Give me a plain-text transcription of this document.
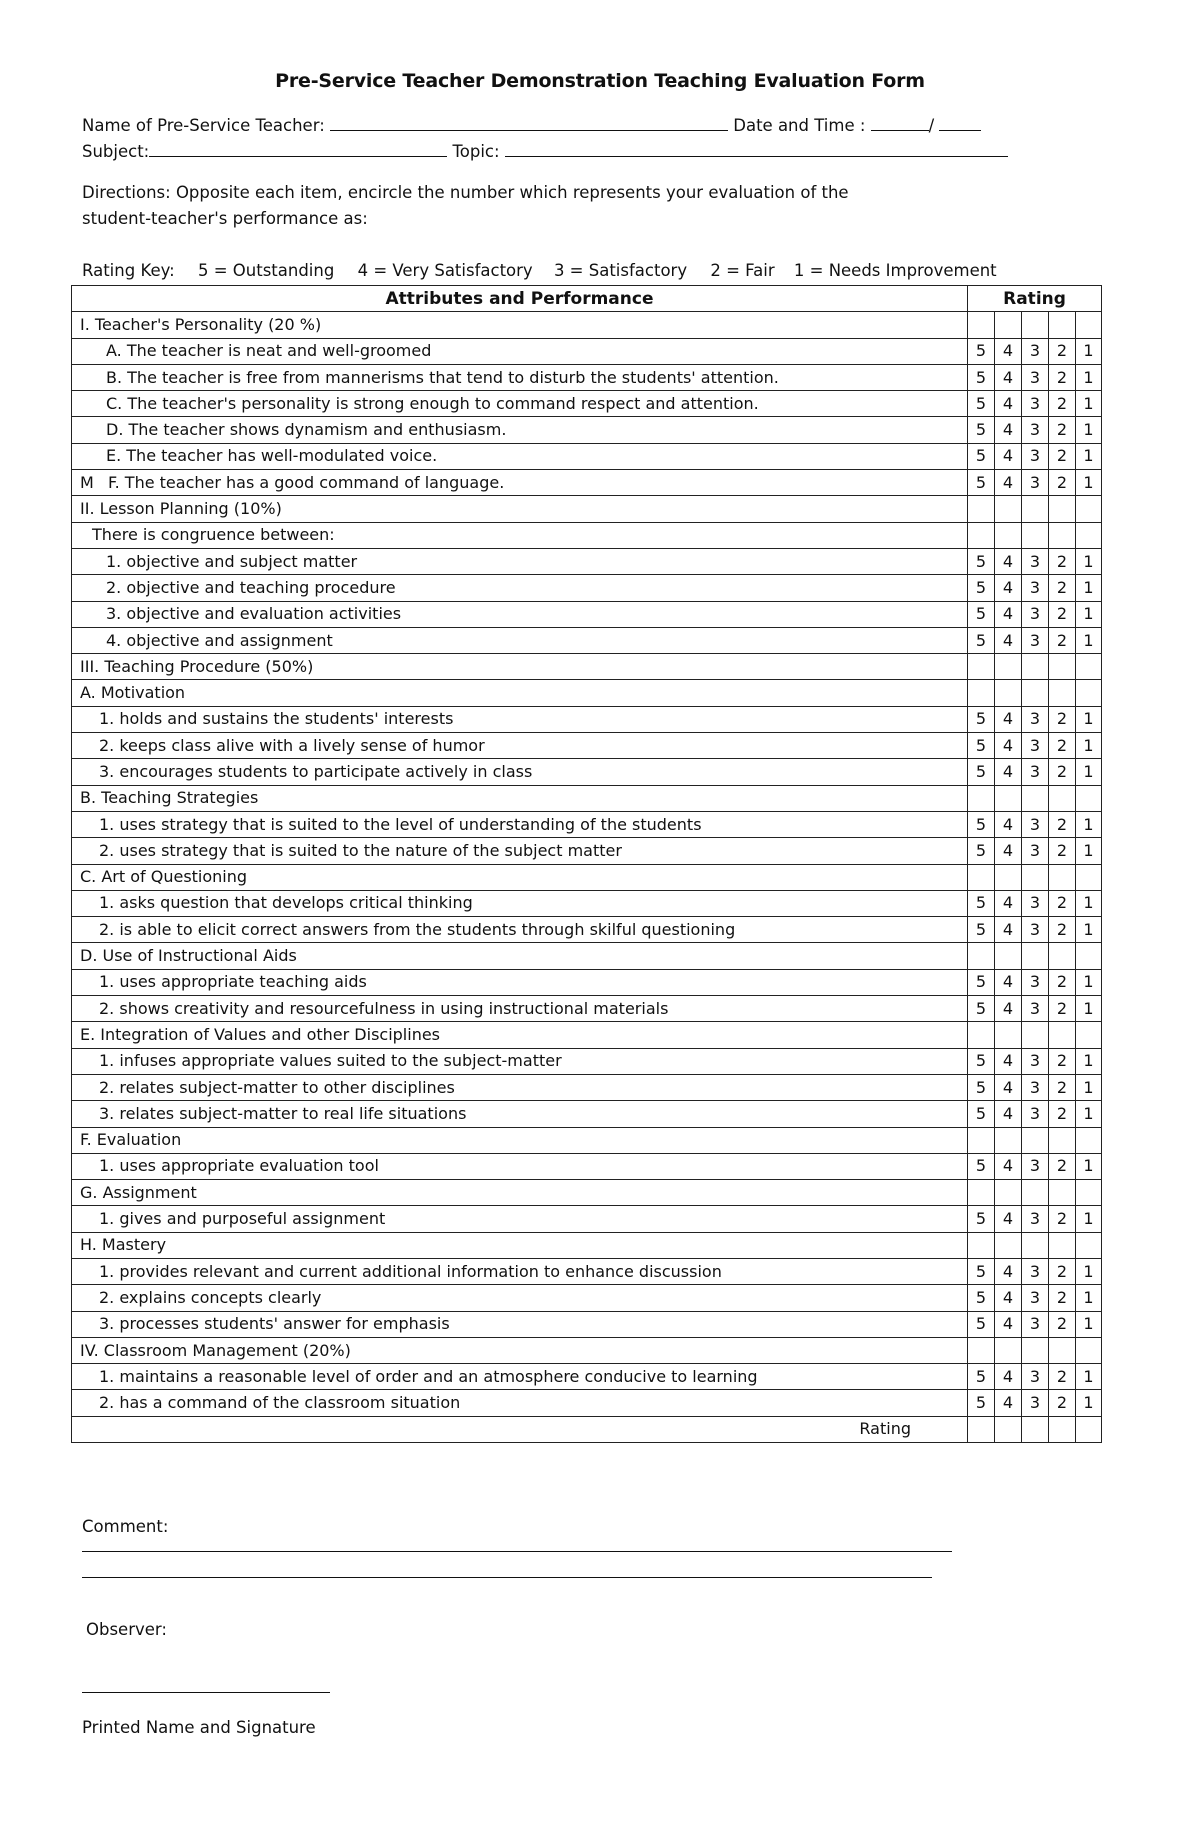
Pre-Service Teacher Demonstration Teaching Evaluation Form
Name of Pre-Service Teacher:	Date and Time :	/
Subject:	Topic:
Directions: Opposite each item, encircle the number which represents your evaluation of the
student-teacher's performance as:
Rating Key: 5 = Outstanding 4 = Very Satisfactory 3 = Satisfactory 2 = Fair 1 = Needs Improvement
Attributes and Performance	Rating				
I. Teacher's Personality (20 %)					
A. The teacher is neat and well-groomed	5	4	3	2	1
B. The teacher is free from mannerisms that tend to disturb the students' attention.	5	4	3	2	1
C. The teacher's personality is strong enough to command respect and attention.	5	4	3	2	1
D. The teacher shows dynamism and enthusiasm.	5	4	3	2	1
E. The teacher has well-modulated voice.	5	4	3	2	1
M F. The teacher has a good command of language.	5	4	3	2	1
II. Lesson Planning (10%)					
There is congruence between:					
1. objective and subject matter	5	4	3	2	1
2. objective and teaching procedure	5	4	3	2	1
3. objective and evaluation activities	5	4	3	2	1
4. objective and assignment	5	4	3	2	1
III. Teaching Procedure (50%)					
A. Motivation					
1. holds and sustains the students' interests	5	4	3	2	1
2. keeps class alive with a lively sense of humor	5	4	3	2	1
3. encourages students to participate actively in class	5	4	3	2	1
B. Teaching Strategies					
1. uses strategy that is suited to the level of understanding of the students	5	4	3	2	1
2. uses strategy that is suited to the nature of the subject matter	5	4	3	2	1
C. Art of Questioning					
1. asks question that develops critical thinking	5	4	3	2	1
2. is able to elicit correct answers from the students through skilful questioning	5	4	3	2	1
D. Use of Instructional Aids					
1. uses appropriate teaching aids	5	4	3	2	1
2. shows creativity and resourcefulness in using instructional materials	5	4	3	2	1
E. Integration of Values and other Disciplines					
1. infuses appropriate values suited to the subject-matter	5	4	3	2	1
2. relates subject-matter to other disciplines	5	4	3	2	1
3. relates subject-matter to real life situations	5	4	3	2	1
F. Evaluation					
1. uses appropriate evaluation tool	5	4	3	2	1
G. Assignment					
1. gives and purposeful assignment	5	4	3	2	1
H. Mastery					
1. provides relevant and current additional information to enhance discussion	5	4	3	2	1
2. explains concepts clearly	5	4	3	2	1
3. processes students' answer for emphasis	5	4	3	2	1
IV. Classroom Management (20%)					
1. maintains a reasonable level of order and an atmosphere conducive to learning	5	4	3	2	1
2. has a command of the classroom situation	5	4	3	2	1
Rating					
Comment:
Observer:
Printed Name and Signature
